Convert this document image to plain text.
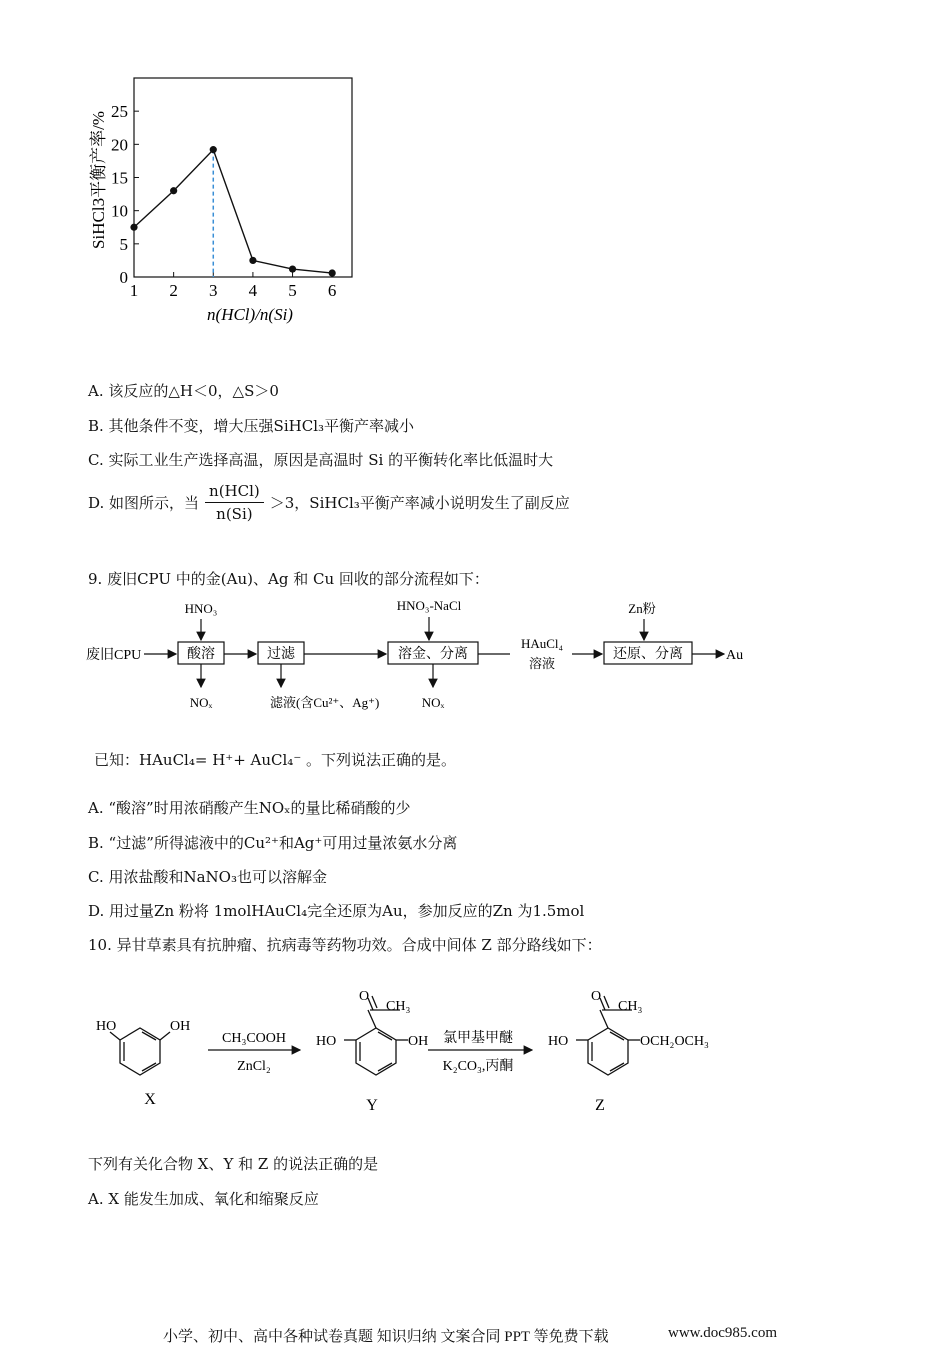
0
5
10
15
20
25
1 2 3 4 5 6
SiHCl3平衡产率/%
n(HCl)/n(Si)
A. 该反应的△H＜0，△S＞0
B. 其他条件不变，增大压强SiHCl₃平衡产率减小
C. 实际工业生产选择高温，原因是高温时 Si 的平衡转化率比低温时大
D. 如图所示，当 $\frac{\text{n(HCl)}}{n(Si)} >3$，SiHCl₃平衡产率减小说明发生了副反应
9. 废旧CPU 中的金(Au)、Ag 和 Cu 回收的部分流程如下：
废旧CPU	酸溶
HNO₃
NOₓ
过滤
滤液(含Cu²⁺、Ag⁺)
溶金、分离
HNO₃-NaCl
NOₓ
HAuCl₄
溶液
还原、分离
Zn粉
Au
已知：HAuCl₄= H⁺+ AuCl₄⁻ 。下列说法正确的是。
A. “酸溶”时用浓硝酸产生NOₓ的量比稀硝酸的少
B. “过滤”所得滤液中的Cu²⁺和Ag⁺可用过量浓氨水分离
C. 用浓盐酸和NaNO₃也可以溶解金
D. 用过量Zn 粉将 1molHAuCl₄完全还原为Au，参加反应的Zn 为1.5mol
10. 异甘草素具有抗肿瘤、抗病毒等药物功效。合成中间体 Z 部分路线如下：
HO	OH
X
CH₃COOH
ZnCl₂
HO	OH
O
CH₃
Y
氯甲基甲醚
K₂CO₃,丙酮
HO	OCH₂OCH₃
O
CH₃
Z
下列有关化合物 X、Y 和 Z 的说法正确的是
A. X 能发生加成、氧化和缩聚反应
小学、初中、高中各种试卷真题 知识归纳 文案合同 PPT 等免费下载	www.doc985.com
